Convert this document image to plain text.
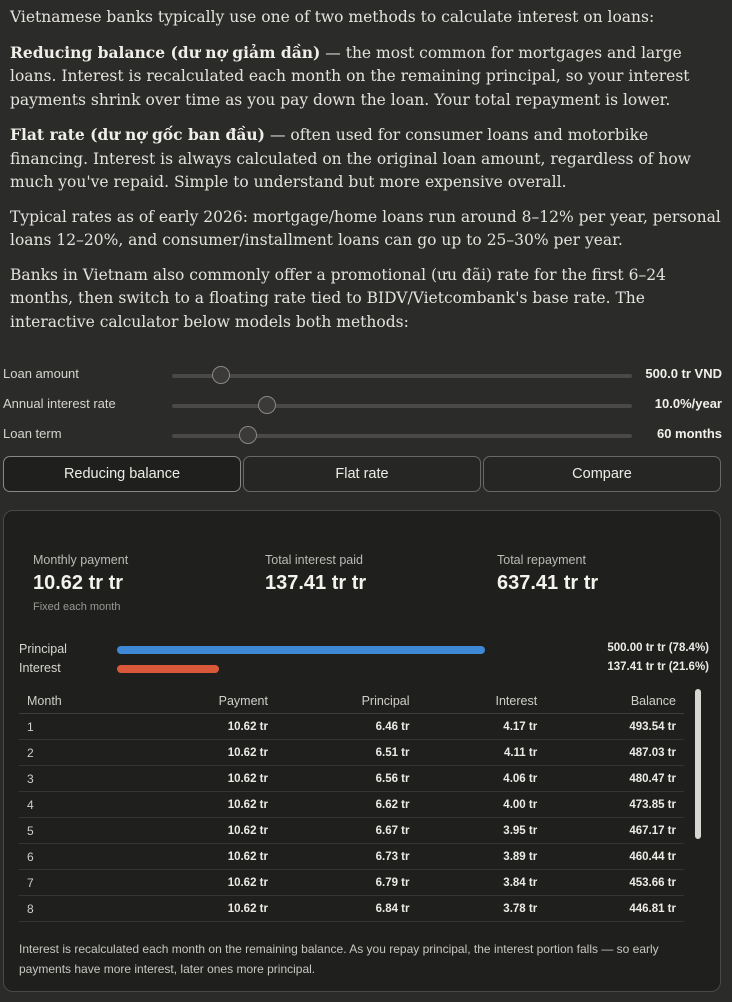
Vietnamese banks typically use one of two methods to calculate interest on loans:

Reducing balance (dư nợ giảm dần) — the most common for mortgages and large loans. Interest is recalculated each month on the remaining principal, so your interest payments shrink over time as you pay down the loan. Your total repayment is lower.

Flat rate (dư nợ gốc ban đầu) — often used for consumer loans and motorbike financing. Interest is always calculated on the original loan amount, regardless of how much you've repaid. Simple to understand but more expensive overall.

Typical rates as of early 2026: mortgage/home loans run around 8–12% per year, personal loans 12–20%, and consumer/installment loans can go up to 25–30% per year.

Banks in Vietnam also commonly offer a promotional (ưu đãi) rate for the first 6–24 months, then switch to a floating rate tied to BIDV/Vietcombank's base rate. The interactive calculator below models both methods:

Loan amount	500.0 tr VND
Annual interest rate	10.0%/year
Loan term	60 months
Reducing balance	Flat rate	Compare
Monthly payment
10.62 tr tr
Fixed each month
Total interest paid
137.41 tr tr
Total repayment
637.41 tr tr
Principal	500.00 tr tr (78.4%)
Interest	137.41 tr tr (21.6%)
Month	Payment	Principal	Interest	Balance
1	10.62 tr	6.46 tr	4.17 tr	493.54 tr
2	10.62 tr	6.51 tr	4.11 tr	487.03 tr
3	10.62 tr	6.56 tr	4.06 tr	480.47 tr
4	10.62 tr	6.62 tr	4.00 tr	473.85 tr
5	10.62 tr	6.67 tr	3.95 tr	467.17 tr
6	10.62 tr	6.73 tr	3.89 tr	460.44 tr
7	10.62 tr	6.79 tr	3.84 tr	453.66 tr
8	10.62 tr	6.84 tr	3.78 tr	446.81 tr
Interest is recalculated each month on the remaining balance. As you repay principal, the interest portion falls — so early payments have more interest, later ones more principal.
